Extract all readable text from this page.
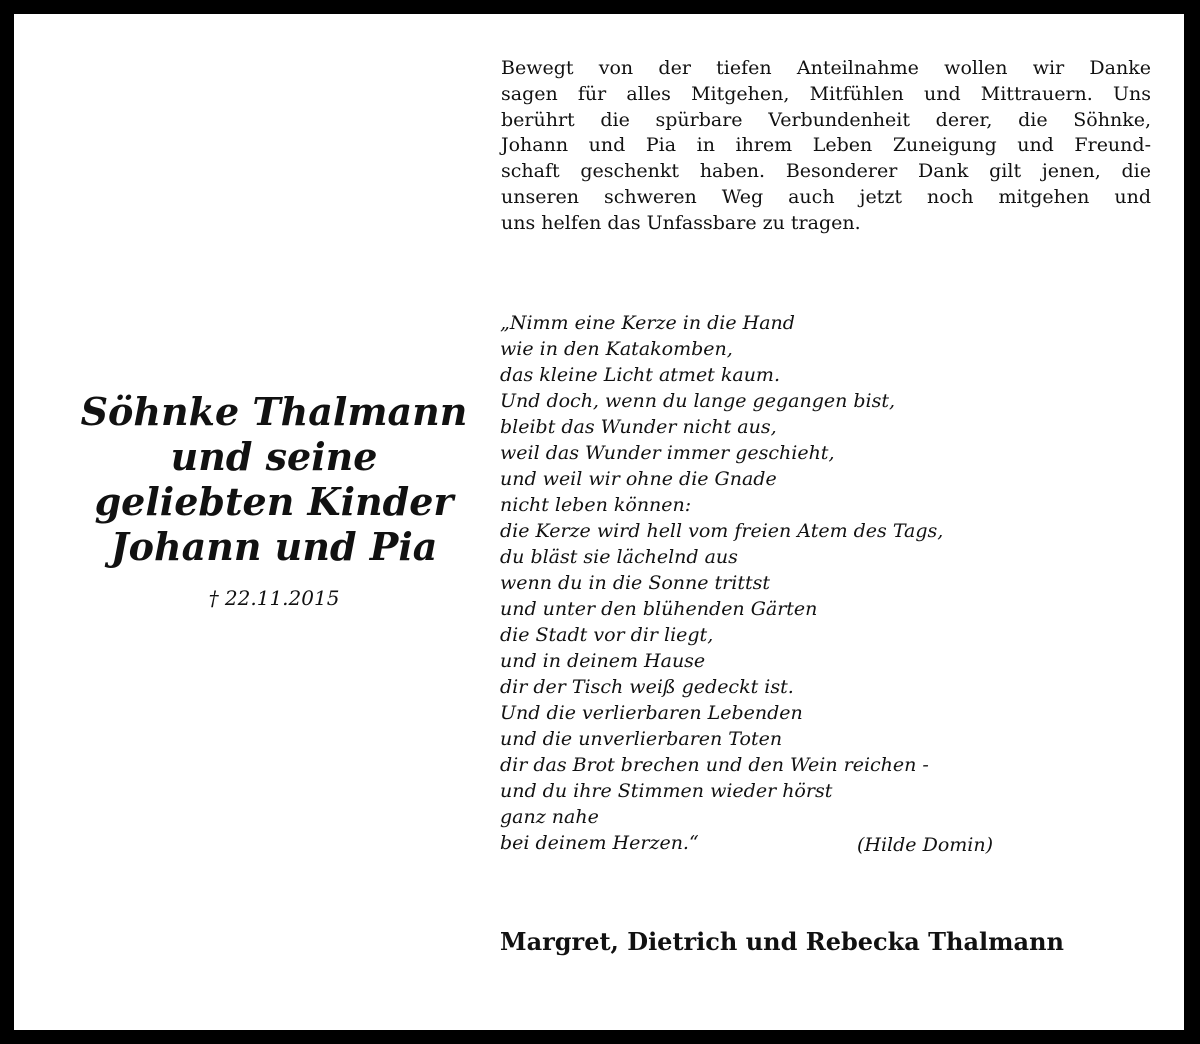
Bewegt von der tiefen Anteilnahme wollen wir Danke
sagen für alles Mitgehen, Mitfühlen und Mittrauern. Uns
berührt die spürbare Verbundenheit derer, die Söhnke,
Johann und Pia in ihrem Leben Zuneigung und Freund-
schaft geschenkt haben. Besonderer Dank gilt jenen, die
unseren schweren Weg auch jetzt noch mitgehen und
uns helfen das Unfassbare zu tragen.
Söhnke Thalmann
und seine
geliebten Kinder
Johann und Pia
† 22.11.2015
„Nimm eine Kerze in die Hand
wie in den Katakomben,
das kleine Licht atmet kaum.
Und doch, wenn du lange gegangen bist,
bleibt das Wunder nicht aus,
weil das Wunder immer geschieht,
und weil wir ohne die Gnade
nicht leben können:
die Kerze wird hell vom freien Atem des Tags,
du bläst sie lächelnd aus
wenn du in die Sonne trittst
und unter den blühenden Gärten
die Stadt vor dir liegt,
und in deinem Hause
dir der Tisch weiß gedeckt ist.
Und die verlierbaren Lebenden
und die unverlierbaren Toten
dir das Brot brechen und den Wein reichen -
und du ihre Stimmen wieder hörst
ganz nahe
bei deinem Herzen.“	(Hilde Domin)
Margret, Dietrich und Rebecka Thalmann
